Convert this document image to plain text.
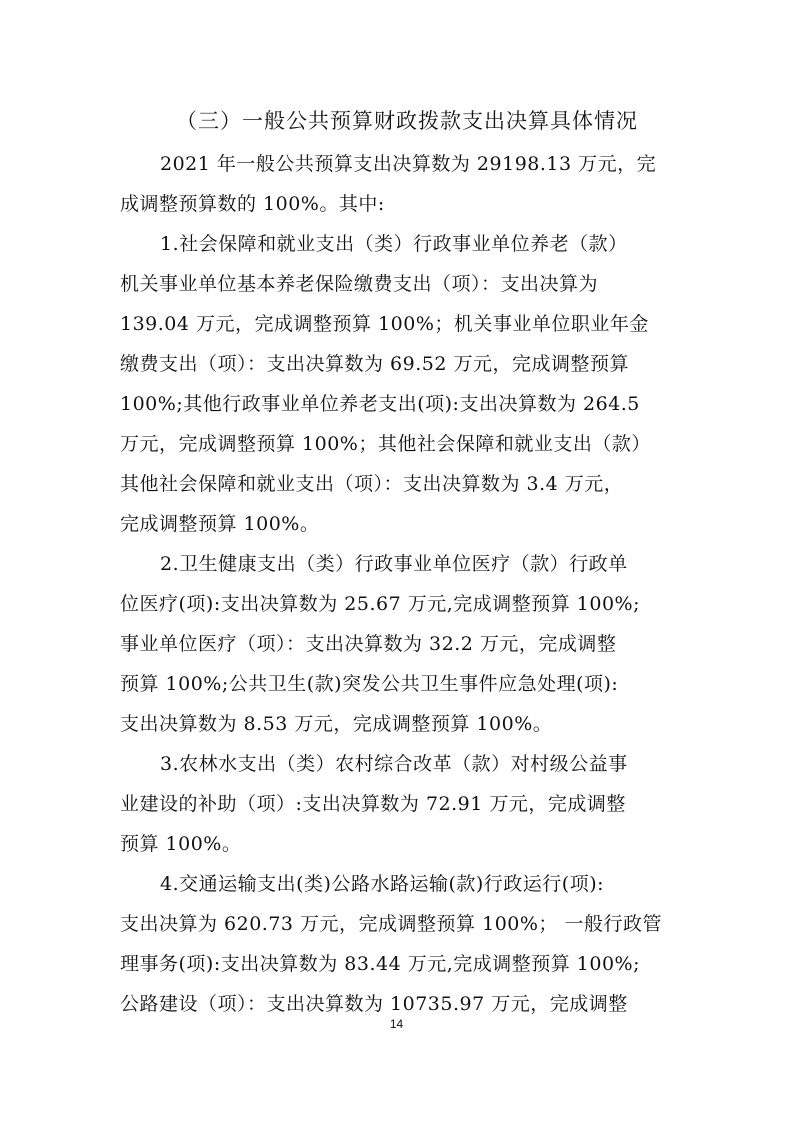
（三）一般公共预算财政拨款支出决算具体情况
2021 年一般公共预算支出决算数为 29198.13 万元，完
成调整预算数的 100%。其中:
1.社会保障和就业支出（类）行政事业单位养老（款）
机关事业单位基本养老保险缴费支出（项）：支出决算为
139.04 万元，完成调整预算 100%；机关事业单位职业年金
缴费支出（项）：支出决算数为 69.52 万元，完成调整预算
100%;其他行政事业单位养老支出(项):支出决算数为 264.5
万元，完成调整预算 100%；其他社会保障和就业支出（款）
其他社会保障和就业支出（项）：支出决算数为 3.4 万元，
完成调整预算 100%。
2.卫生健康支出（类）行政事业单位医疗（款）行政单
位医疗(项):支出决算数为 25.67 万元,完成调整预算 100%;
事业单位医疗（项）：支出决算数为 32.2 万元，完成调整
预算 100%;公共卫生(款)突发公共卫生事件应急处理(项):
支出决算数为 8.53 万元，完成调整预算 100%。
3.农林水支出（类）农村综合改革（款）对村级公益事
业建设的补助（项）:支出决算数为 72.91 万元，完成调整
预算 100%。
4.交通运输支出(类)公路水路运输(款)行政运行(项):
支出决算为 620.73 万元，完成调整预算 100%； 一般行政管
理事务(项):支出决算数为 83.44 万元,完成调整预算 100%;
公路建设（项）：支出决算数为 10735.97 万元，完成调整
14
